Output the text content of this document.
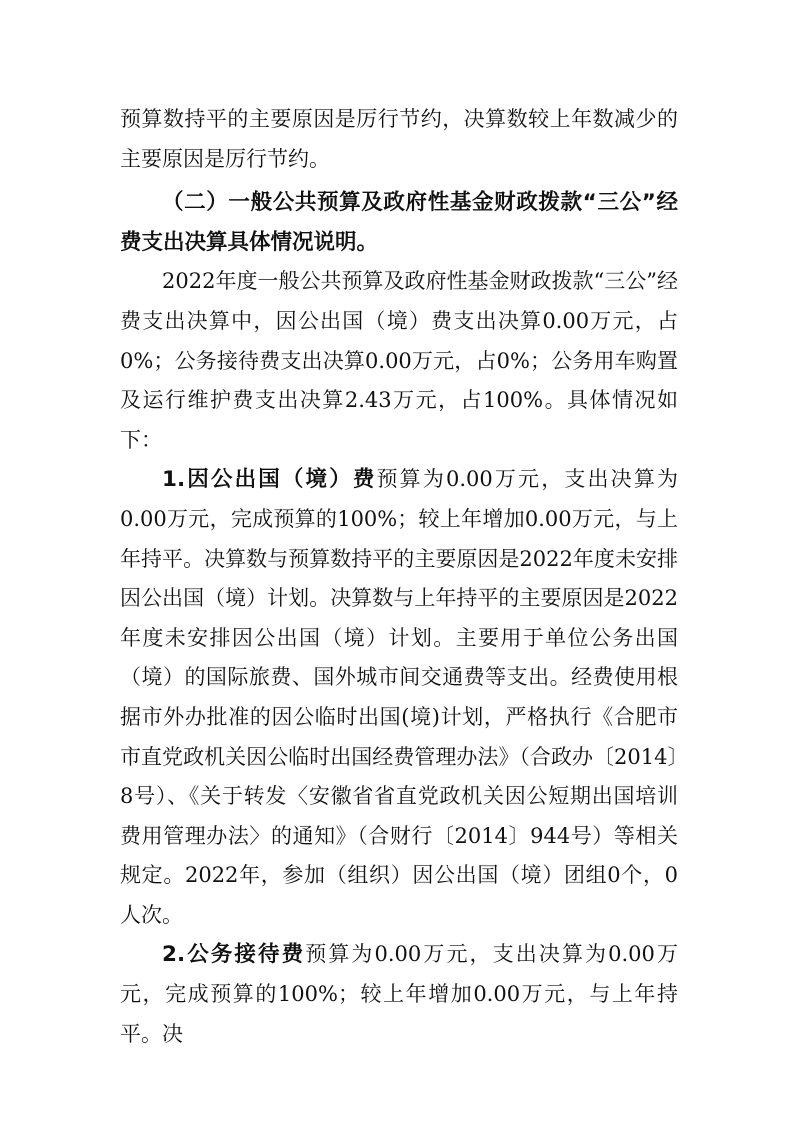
预算数持平的主要原因是厉行节约，决算数较上年数减少的主要原因是厉行节约。

（二）一般公共预算及政府性基金财政拨款“三公”经费支出决算具体情况说明。

2022年度一般公共预算及政府性基金财政拨款“三公”经费支出决算中，因公出国（境）费支出决算0.00万元，占0%；公务接待费支出决算0.00万元，占0%；公务用车购置及运行维护费支出决算2.43万元，占100%。具体情况如下：

1.因公出国（境）费预算为0.00万元，支出决算为0.00万元，完成预算的100%；较上年增加0.00万元，与上年持平。决算数与预算数持平的主要原因是2022年度未安排因公出国（境）计划。决算数与上年持平的主要原因是2022年度未安排因公出国（境）计划。主要用于单位公务出国（境）的国际旅费、国外城市间交通费等支出。经费使用根据市外办批准的因公临时出国(境)计划，严格执行《合肥市市直党政机关因公临时出国经费管理办法》（合政办〔2014〕8号）、《关于转发〈安徽省省直党政机关因公短期出国培训费用管理办法〉的通知》（合财行〔2014〕944号）等相关规定。2022年，参加（组织）因公出国（境）团组0个，0人次。

2.公务接待费预算为0.00万元，支出决算为0.00万元，完成预算的100%；较上年增加0.00万元，与上年持平。决
